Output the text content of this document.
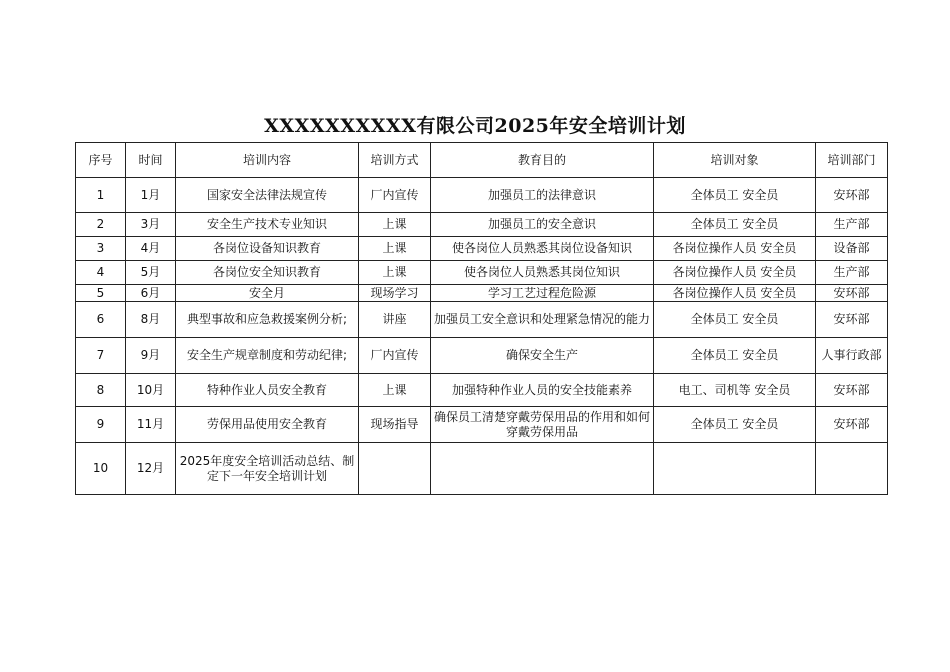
XXXXXXXXXX有限公司2025年安全培训计划
序号	时间	培训内容	培训方式	教育目的	培训对象	培训部门
1	1月	国家安全法律法规宣传	厂内宣传	加强员工的法律意识	全体员工 安全员	安环部
2	3月	安全生产技术专业知识	上课	加强员工的安全意识	全体员工 安全员	生产部
3	4月	各岗位设备知识教育	上课	使各岗位人员熟悉其岗位设备知识	各岗位操作人员 安全员	设备部
4	5月	各岗位安全知识教育	上课	使各岗位人员熟悉其岗位知识	各岗位操作人员 安全员	生产部
5	6月	安全月	现场学习	学习工艺过程危险源	各岗位操作人员 安全员	安环部
6	8月	典型事故和应急救援案例分析;	讲座	加强员工安全意识和处理紧急情况的能力	全体员工 安全员	安环部
7	9月	安全生产规章制度和劳动纪律;	厂内宣传	确保安全生产	全体员工 安全员	人事行政部
8	10月	特种作业人员安全教育	上课	加强特种作业人员的安全技能素养	电工、司机等 安全员	安环部
9	11月	劳保用品使用安全教育	现场指导	确保员工清楚穿戴劳保用品的作用和如何穿戴劳保用品	全体员工 安全员	安环部
10	12月	2025年度安全培训活动总结、制定下一年安全培训计划				
